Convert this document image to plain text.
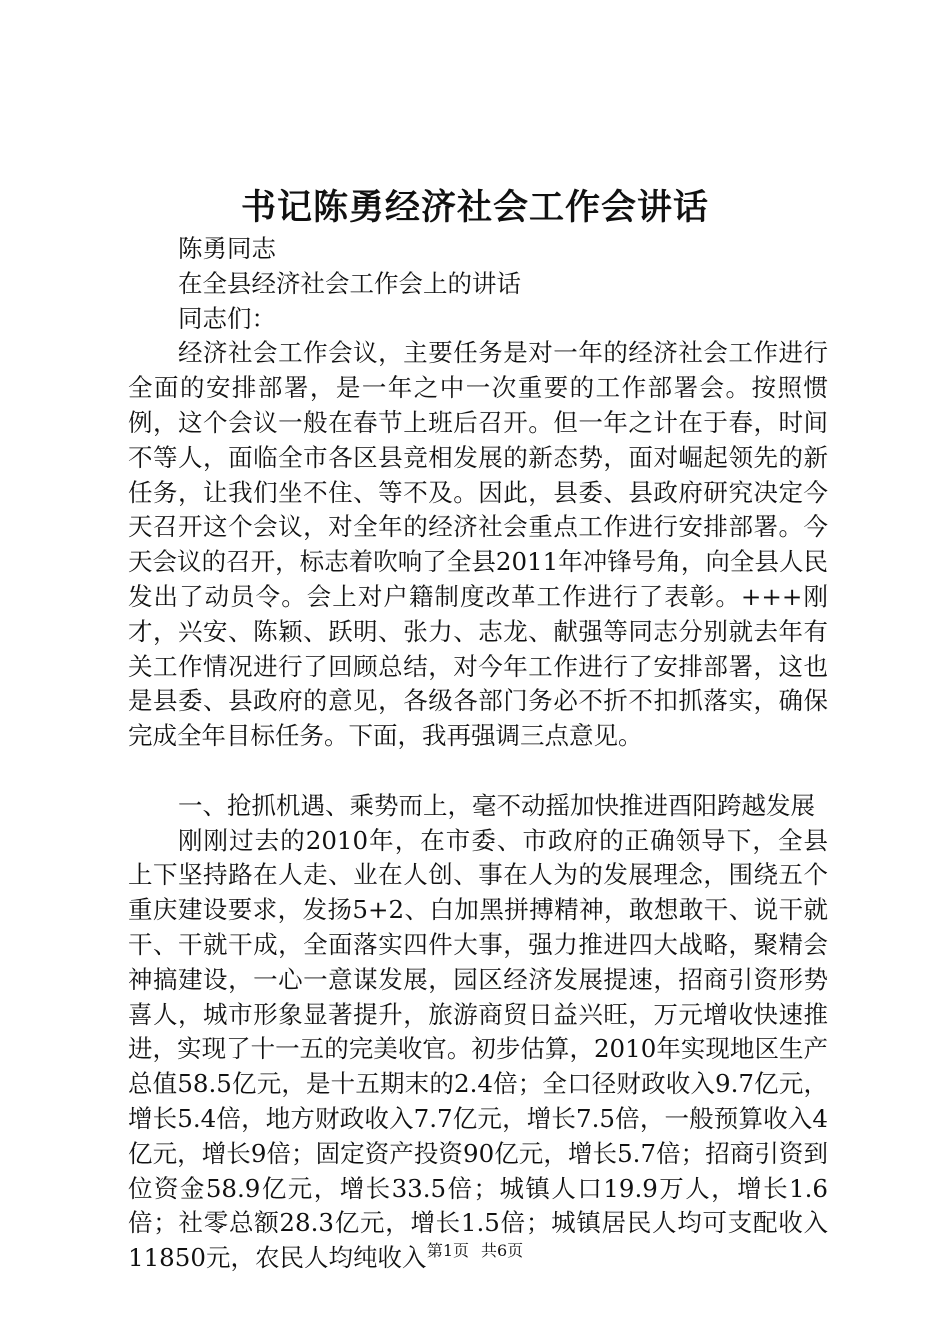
书记陈勇经济社会工作会讲话

陈勇同志

在全县经济社会工作会上的讲话

同志们：

经济社会工作会议，主要任务是对一年的经济社会工作进行全面的安排部署，是一年之中一次重要的工作部署会。按照惯例，这个会议一般在春节上班后召开。但一年之计在于春，时间不等人，面临全市各区县竞相发展的新态势，面对崛起领先的新任务，让我们坐不住、等不及。因此，县委、县政府研究决定今天召开这个会议，对全年的经济社会重点工作进行安排部署。今天会议的召开，标志着吹响了全县2011年冲锋号角，向全县人民发出了动员令。会上对户籍制度改革工作进行了表彰。+++刚才，兴安、陈颖、跃明、张力、志龙、献强等同志分别就去年有关工作情况进行了回顾总结，对今年工作进行了安排部署，这也是县委、县政府的意见，各级各部门务必不折不扣抓落实，确保完成全年目标任务。下面，我再强调三点意见。

一、抢抓机遇、乘势而上，毫不动摇加快推进酉阳跨越发展

刚刚过去的2010年，在市委、市政府的正确领导下，全县上下坚持路在人走、业在人创、事在人为的发展理念，围绕五个重庆建设要求，发扬5+2、白加黑拼搏精神，敢想敢干、说干就干、干就干成，全面落实四件大事，强力推进四大战略，聚精会神搞建设，一心一意谋发展，园区经济发展提速，招商引资形势喜人，城市形象显著提升，旅游商贸日益兴旺，万元增收快速推进，实现了十一五的完美收官。初步估算，2010年实现地区生产总值58.5亿元，是十五期末的2.4倍；全口径财政收入9.7亿元，增长5.4倍，地方财政收入7.7亿元，增长7.5倍，一般预算收入4亿元，增长9倍；固定资产投资90亿元，增长5.7倍；招商引资到位资金58.9亿元，增长33.5倍；城镇人口19.9万人，增长1.6倍；社零总额28.3亿元，增长1.5倍；城镇居民人均可支配收入11850元，农民人均纯收入 第1页 共6页
